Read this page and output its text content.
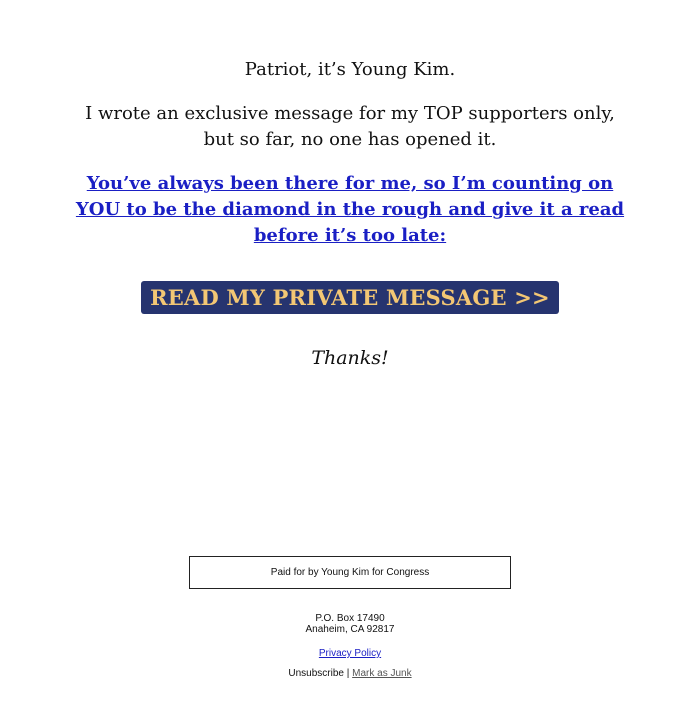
Patriot, it’s Young Kim.
I wrote an exclusive message for my TOP supporters only, but so far, no one has opened it.
You’ve always been there for me, so I’m counting on YOU to be the diamond in the rough and give it a read before it’s too late:
READ MY PRIVATE MESSAGE >>
Thanks!
Paid for by Young Kim for Congress
P.O. Box 17490
Anaheim, CA 92817
Privacy Policy
Unsubscribe | Mark as Junk
